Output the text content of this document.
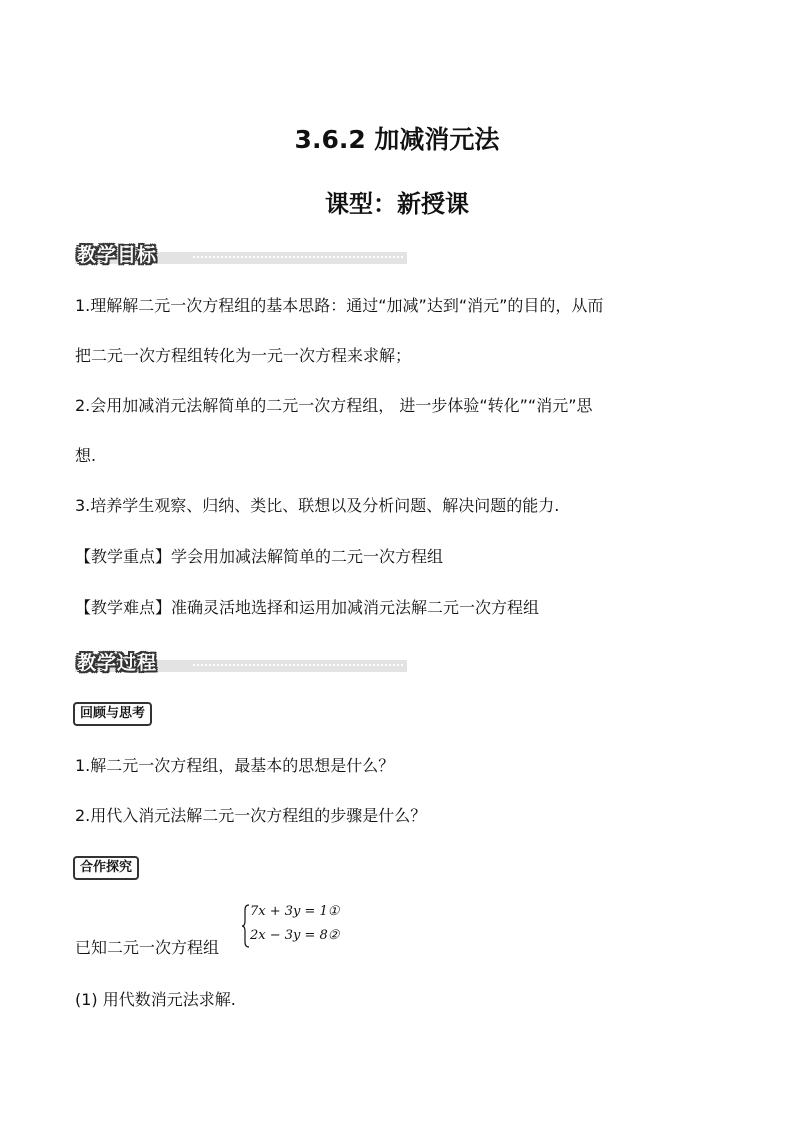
3.6.2 加减消元法
课型：新授课
教学目标
1.理解解二元一次方程组的基本思路：通过“加减”达到“消元”的目的，从而
把二元一次方程组转化为一元一次方程来求解；
2.会用加减消元法解简单的二元一次方程组， 进一步体验“转化”“消元”思
想.
3.培养学生观察、归纳、类比、联想以及分析问题、解决问题的能力.
【教学重点】学会用加减法解简单的二元一次方程组
【教学难点】准确灵活地选择和运用加减消元法解二元一次方程组
教学过程
回顾与思考
1.解二元一次方程组，最基本的思想是什么？
2.用代入消元法解二元一次方程组的步骤是什么？
合作探究
已知二元一次方程组
7x + 3y = 1①
2x − 3y = 8②
(1) 用代数消元法求解.
